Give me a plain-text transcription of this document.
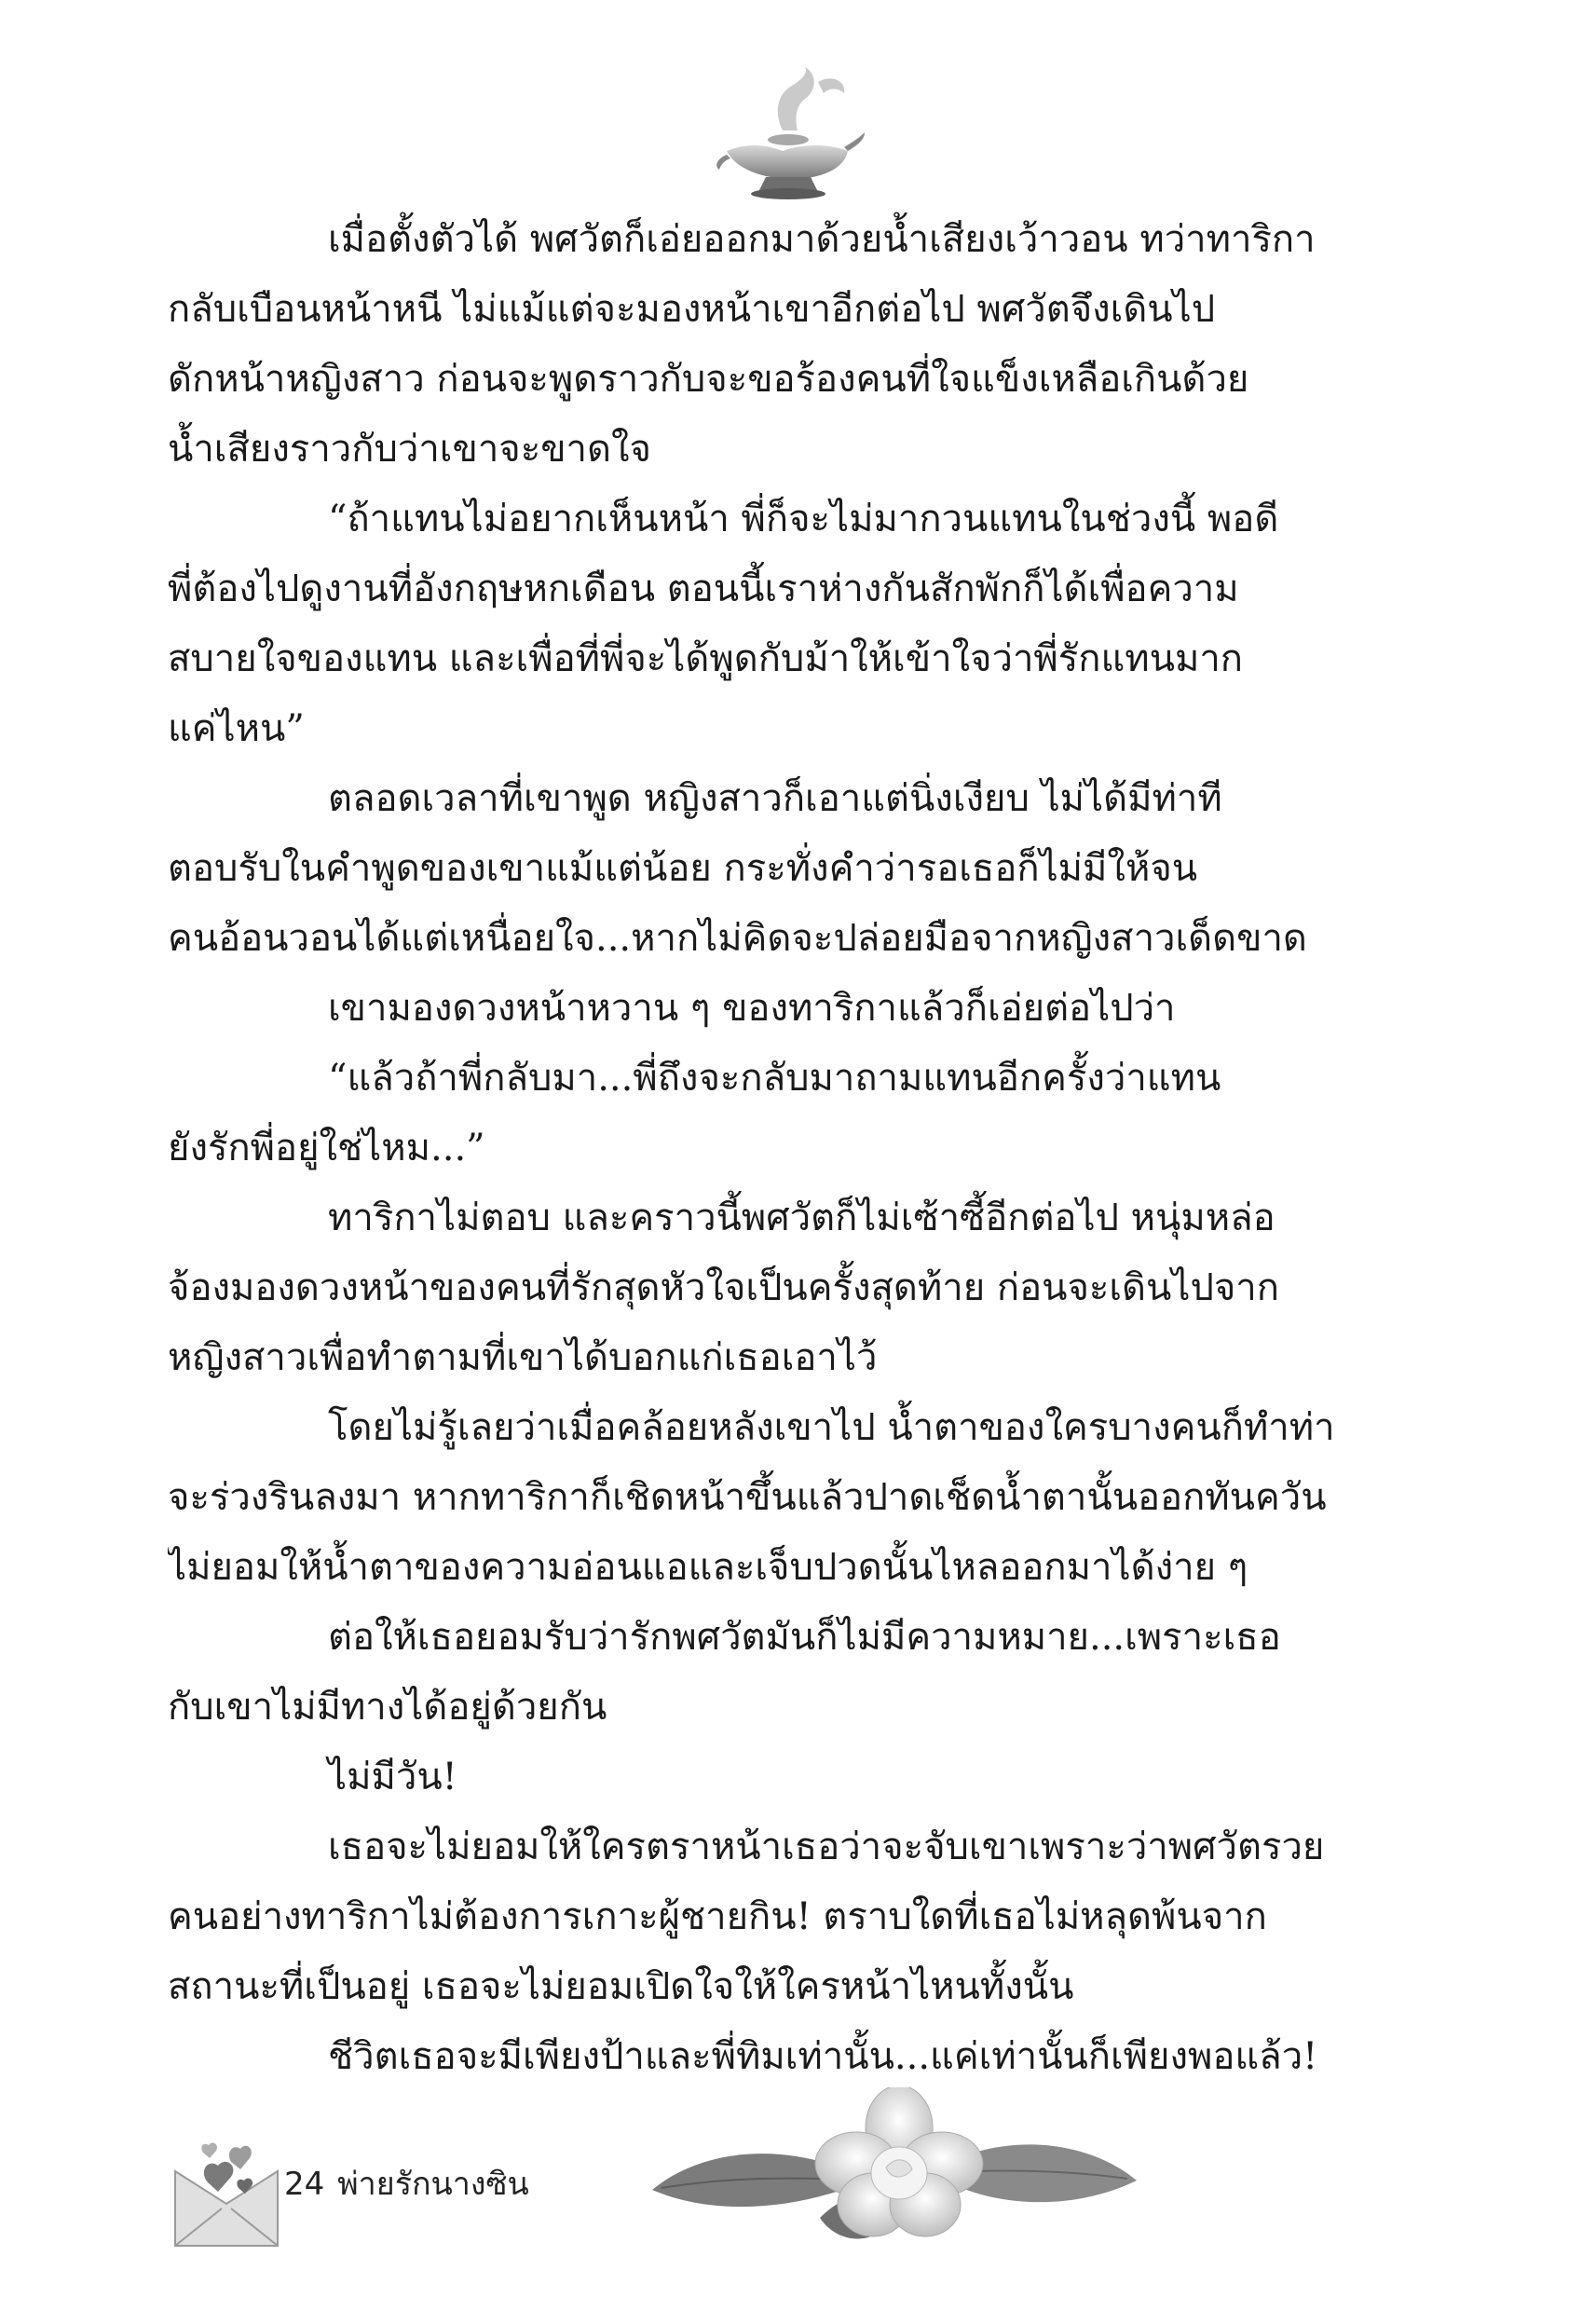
เมื่อตั้งตัวได้ พศวัตก็เอ่ยออกมาด้วยน้ำเสียงเว้าวอน ทว่าทาริกา
กลับเบือนหน้าหนี ไม่แม้แต่จะมองหน้าเขาอีกต่อไป พศวัตจึงเดินไป
ดักหน้าหญิงสาว ก่อนจะพูดราวกับจะขอร้องคนที่ใจแข็งเหลือเกินด้วย
น้ำเสียงราวกับว่าเขาจะขาดใจ
“ถ้าแทนไม่อยากเห็นหน้า พี่ก็จะไม่มากวนแทนในช่วงนี้ พอดี
พี่ต้องไปดูงานที่อังกฤษหกเดือน ตอนนี้เราห่างกันสักพักก็ได้เพื่อความ
สบายใจของแทน และเพื่อที่พี่จะได้พูดกับม้าให้เข้าใจว่าพี่รักแทนมาก
แค่ไหน”
ตลอดเวลาที่เขาพูด หญิงสาวก็เอาแต่นิ่งเงียบ ไม่ได้มีท่าที
ตอบรับในคำพูดของเขาแม้แต่น้อย กระทั่งคำว่ารอเธอก็ไม่มีให้จน
คนอ้อนวอนได้แต่เหนื่อยใจ...หากไม่คิดจะปล่อยมือจากหญิงสาวเด็ดขาด
เขามองดวงหน้าหวาน ๆ ของทาริกาแล้วก็เอ่ยต่อไปว่า
“แล้วถ้าพี่กลับมา...พี่ถึงจะกลับมาถามแทนอีกครั้งว่าแทน
ยังรักพี่อยู่ใช่ไหม...”
ทาริกาไม่ตอบ และคราวนี้พศวัตก็ไม่เซ้าซี้อีกต่อไป หนุ่มหล่อ
จ้องมองดวงหน้าของคนที่รักสุดหัวใจเป็นครั้งสุดท้าย ก่อนจะเดินไปจาก
หญิงสาวเพื่อทำตามที่เขาได้บอกแก่เธอเอาไว้
โดยไม่รู้เลยว่าเมื่อคล้อยหลังเขาไป น้ำตาของใครบางคนก็ทำท่า
จะร่วงรินลงมา หากทาริกาก็เชิดหน้าขึ้นแล้วปาดเช็ดน้ำตานั้นออกทันควัน
ไม่ยอมให้น้ำตาของความอ่อนแอและเจ็บปวดนั้นไหลออกมาได้ง่าย ๆ
ต่อให้เธอยอมรับว่ารักพศวัตมันก็ไม่มีความหมาย...เพราะเธอ
กับเขาไม่มีทางได้อยู่ด้วยกัน
ไม่มีวัน!
เธอจะไม่ยอมให้ใครตราหน้าเธอว่าจะจับเขาเพราะว่าพศวัตรวย
คนอย่างทาริกาไม่ต้องการเกาะผู้ชายกิน! ตราบใดที่เธอไม่หลุดพ้นจาก
สถานะที่เป็นอยู่ เธอจะไม่ยอมเปิดใจให้ใครหน้าไหนทั้งนั้น
ชีวิตเธอจะมีเพียงป้าและพี่ทิมเท่านั้น...แค่เท่านั้นก็เพียงพอแล้ว!
24 พ่ายรักนางซิน
